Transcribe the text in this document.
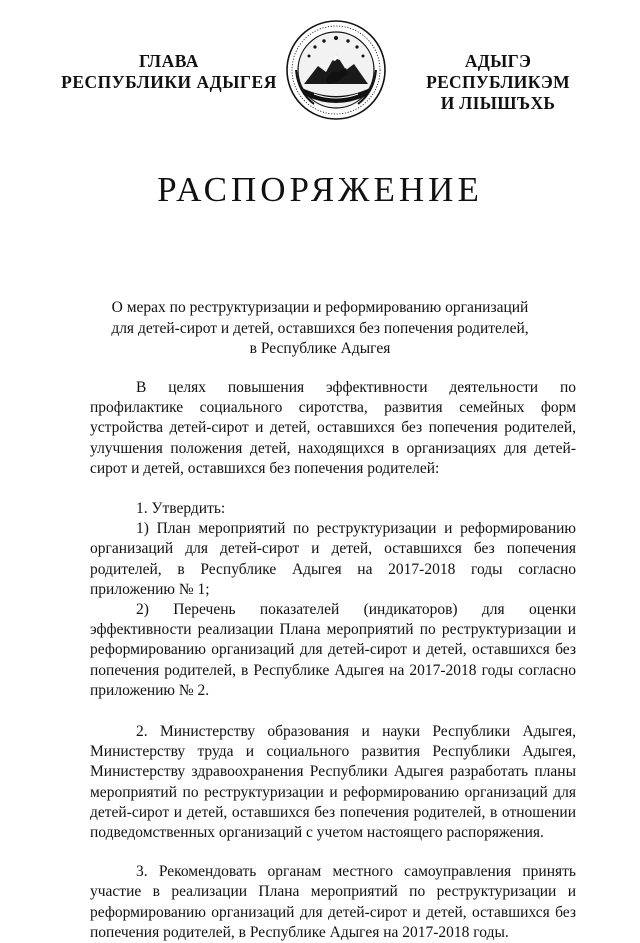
ГЛАВА
РЕСПУБЛИКИ АДЫГЕЯ
АДЫГЭ РЕСПУБЛИКЭМ
И ЛІЫШЪХЬ
РАСПОРЯЖЕНИЕ
О мерах по реструктуризации и реформированию организаций
для детей-сирот и детей, оставшихся без попечения родителей,
в Республике Адыгея

В целях повышения эффективности деятельности по профилактике социального сиротства, развития семейных форм устройства детей-сирот и детей, оставшихся без попечения родителей, улучшения положения детей, находящихся в организациях для детей-сирот и детей, оставшихся без попечения родителей:

1. Утвердить:

1) План мероприятий по реструктуризации и реформированию организаций для детей-сирот и детей, оставшихся без попечения родителей, в Республике Адыгея на 2017-2018 годы согласно приложению № 1;

2) Перечень показателей (индикаторов) для оценки эффективности реализации Плана мероприятий по реструктуризации и реформированию организаций для детей-сирот и детей, оставшихся без попечения родителей, в Республике Адыгея на 2017-2018 годы согласно приложению № 2.

2. Министерству образования и науки Республики Адыгея, Министерству труда и социального развития Республики Адыгея, Министерству здравоохранения Республики Адыгея разработать планы мероприятий по реструктуризации и реформированию организаций для детей-сирот и детей, оставшихся без попечения родителей, в отношении подведомственных организаций с учетом настоящего распоряжения.

3. Рекомендовать органам местного самоуправления принять участие в реализации Плана мероприятий по реструктуризации и реформированию организаций для детей-сирот и детей, оставшихся без попечения родителей, в Республике Адыгея на 2017-2018 годы.
